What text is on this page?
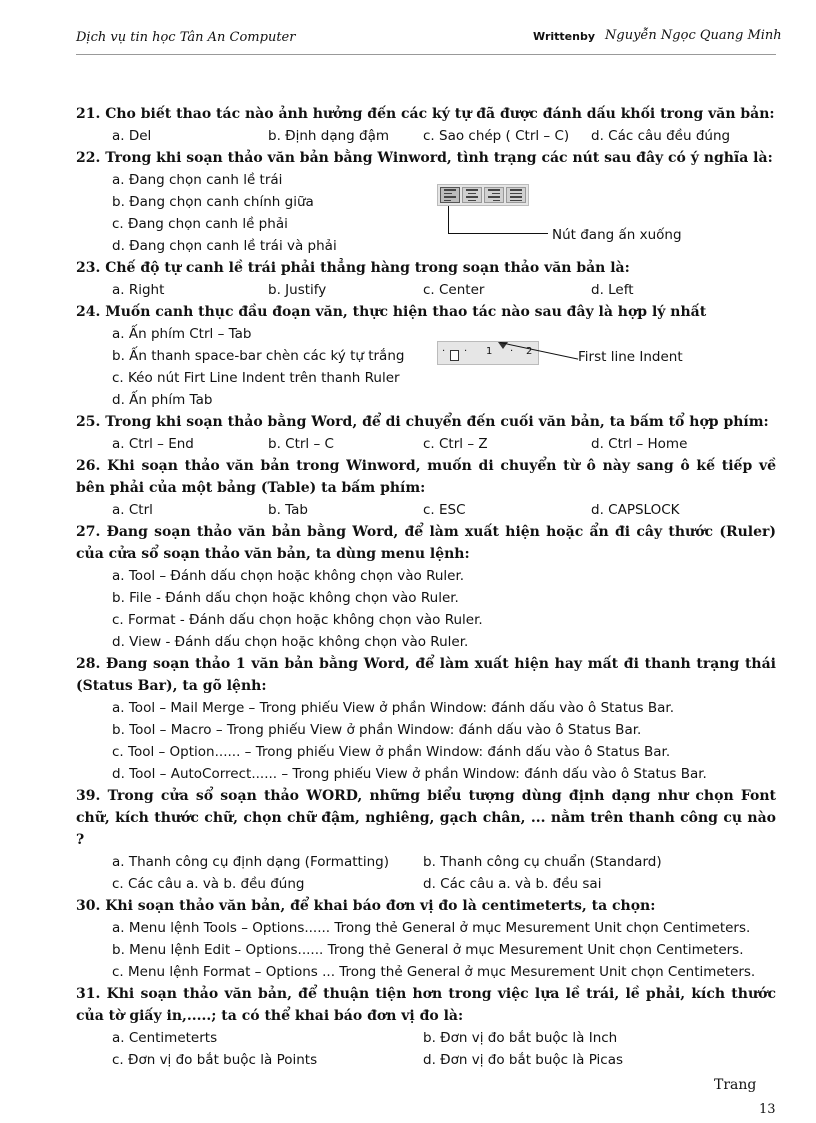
Dịch vụ tin học Tân An Computer	Writtenby Nguyễn Ngọc Quang Minh
21. Cho biết thao tác nào ảnh hưởng đến các ký tự đã được đánh dấu khối trong văn bản:
a. Del	b. Định dạng đậm	c. Sao chép ( Ctrl – C) d. Các câu đều đúng
22. Trong khi soạn thảo văn bản bằng Winword, tình trạng các nút sau đây có ý nghĩa là:
a. Đang chọn canh lề trái
b. Đang chọn canh chính giữa
c. Đang chọn canh lề phải
d. Đang chọn canh lề trái và phải
23. Chế độ tự canh lề trái phải thẳng hàng trong soạn thảo văn bản là:
a. Right	b. Justify	c. Center	d. Left
24. Muốn canh thục đầu đoạn văn, thực hiện thao tác nào sau đây là hợp lý nhất
a. Ấn phím Ctrl – Tab
b. Ấn thanh space-bar chèn các ký tự trắng
c. Kéo nút Firt Line Indent trên thanh Ruler
d. Ấn phím Tab
25. Trong khi soạn thảo bằng Word, để di chuyển đến cuối văn bản, ta bấm tổ hợp phím:
a. Ctrl – End	b. Ctrl – C	c. Ctrl – Z	d. Ctrl – Home
26. Khi soạn thảo văn bản trong Winword, muốn di chuyển từ ô này sang ô kế tiếp về bên phải của một bảng (Table) ta bấm phím:
a. Ctrl	b. Tab	c. ESC	d. CAPSLOCK
27. Đang soạn thảo văn bản bằng Word, để làm xuất hiện hoặc ẩn đi cây thước (Ruler) của cửa sổ soạn thảo văn bản, ta dùng menu lệnh:
a. Tool – Đánh dấu chọn hoặc không chọn vào Ruler.
b. File - Đánh dấu chọn hoặc không chọn vào Ruler.
c. Format - Đánh dấu chọn hoặc không chọn vào Ruler.
d. View - Đánh dấu chọn hoặc không chọn vào Ruler.
28. Đang soạn thảo 1 văn bản bằng Word, để làm xuất hiện hay mất đi thanh trạng thái (Status Bar), ta gõ lệnh:
a. Tool – Mail Merge – Trong phiếu View ở phần Window: đánh dấu vào ô Status Bar.
b. Tool – Macro – Trong phiếu View ở phần Window: đánh dấu vào ô Status Bar.
c. Tool – Option...... – Trong phiếu View ở phần Window: đánh dấu vào ô Status Bar.
d. Tool – AutoCorrect...... – Trong phiếu View ở phần Window: đánh dấu vào ô Status Bar.
39. Trong cửa sổ soạn thảo WORD, những biểu tượng dùng định dạng như chọn Font chữ, kích thước chữ, chọn chữ đậm, nghiêng, gạch chân, ... nằm trên thanh công cụ nào ?
a. Thanh công cụ định dạng (Formatting)	b. Thanh công cụ chuẩn (Standard)
c. Các câu a. và b. đều đúng	d. Các câu a. và b. đều sai
30. Khi soạn thảo văn bản, để khai báo đơn vị đo là centimeterts, ta chọn:
a. Menu lệnh Tools – Options...... Trong thẻ General ở mục Mesurement Unit chọn Centimeters.
b. Menu lệnh Edit – Options...... Trong thẻ General ở mục Mesurement Unit chọn Centimeters.
c. Menu lệnh Format – Options ... Trong thẻ General ở mục Mesurement Unit chọn Centimeters.
31. Khi soạn thảo văn bản, để thuận tiện hơn trong việc lựa lề trái, lề phải, kích thước của tờ giấy in,.....; ta có thể khai báo đơn vị đo là:
a. Centimeterts	b. Đơn vị đo bắt buộc là Inch
c. Đơn vị đo bắt buộc là Points	d. Đơn vị đo bắt buộc là Picas
Nút đang ấn xuống
· · 1 · 2	First line Indent
Trang
13
